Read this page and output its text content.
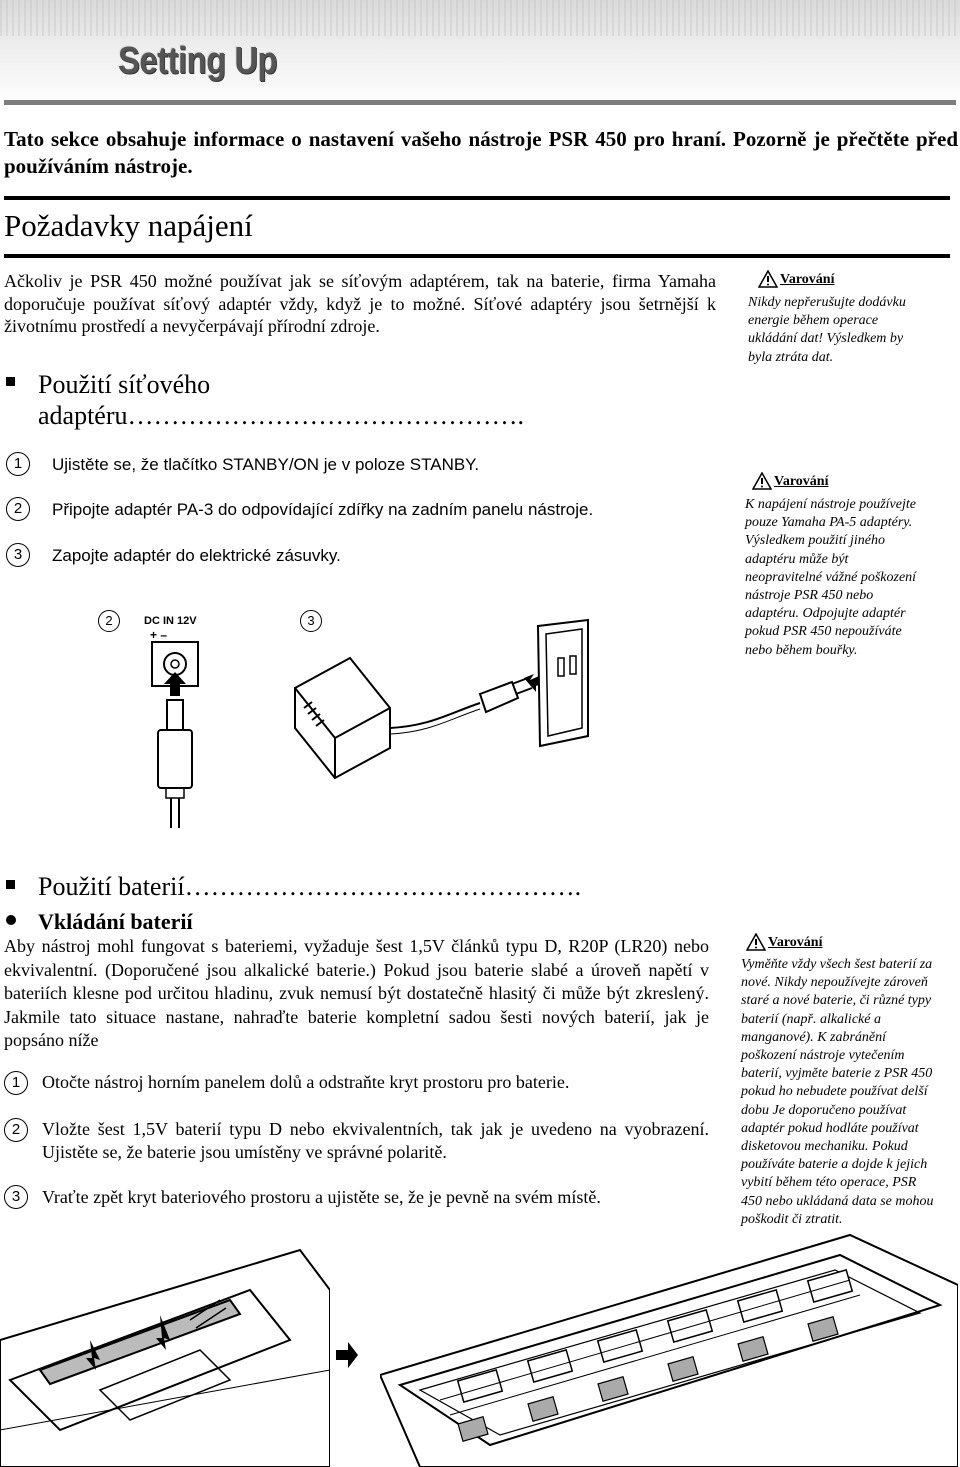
Setting Up
Tato sekce obsahuje informace o nastavení vašeho nástroje PSR 450 pro hraní. Pozorně je přečtěte před používáním nástroje.
Požadavky napájení
Ačkoliv je PSR 450 možné používat jak se síťovým adaptérem, tak na baterie, firma Yamaha doporučuje používat síťový adaptér vždy, když je to možné. Síťové adaptéry jsou šetrnější k životnímu prostředí a nevyčerpávají přírodní zdroje.
Použití síťového
adaptéru……………………………………….
1	Ujistěte se, že tlačítko STANBY/ON je v poloze STANBY.
2	Připojte adaptér PA-3 do odpovídající zdířky na zadním panelu nástroje.
3	Zapojte adaptér do elektrické zásuvky.
2	3
DC IN 12V
+ –
Varování
Nikdy nepřerušujte dodávku energie během operace ukládání dat! Výsledkem by byla ztráta dat.
Varování
K napájení nástroje používejte pouze Yamaha PA-5 adaptéry. Výsledkem použití jiného adaptéru může být neopravitelné vážné poškození nástroje PSR 450 nebo adaptéru. Odpojujte adaptér pokud PSR 450 nepoužíváte nebo během bouřky.
Varování
Vyměňte vždy všech šest baterií za nové. Nikdy nepoužívejte zároveň staré a nové baterie, či různé typy baterií (např. alkalické a manganové). K zabránění poškození nástroje vytečením baterií, vyjměte baterie z PSR 450 pokud ho nebudete používat delší dobu Je doporučeno používat adaptér pokud hodláte používat disketovou mechaniku. Pokud používáte baterie a dojde k jejich vybití během této operace, PSR 450 nebo ukládaná data se mohou poškodit či ztratit.
Použití baterií……………………………………….
Vkládání baterií
Aby nástroj mohl fungovat s bateriemi, vyžaduje šest 1,5V článků typu D, R20P (LR20) nebo ekvivalentní. (Doporučené jsou alkalické baterie.) Pokud jsou baterie slabé a úroveň napětí v bateriích klesne pod určitou hladinu, zvuk nemusí být dostatečně hlasitý či může být zkreslený. Jakmile tato situace nastane, nahraďte baterie kompletní sadou šesti nových baterií, jak je popsáno níže
1	Otočte nástroj horním panelem dolů a odstraňte kryt prostoru pro baterie.
2	Vložte šest 1,5V baterií typu D nebo ekvivalentních, tak jak je uvedeno na vyobrazení. Ujistěte se, že baterie jsou umístěny ve správné polaritě.
3	Vraťte zpět kryt bateriového prostoru a ujistěte se, že je pevně na svém místě.
